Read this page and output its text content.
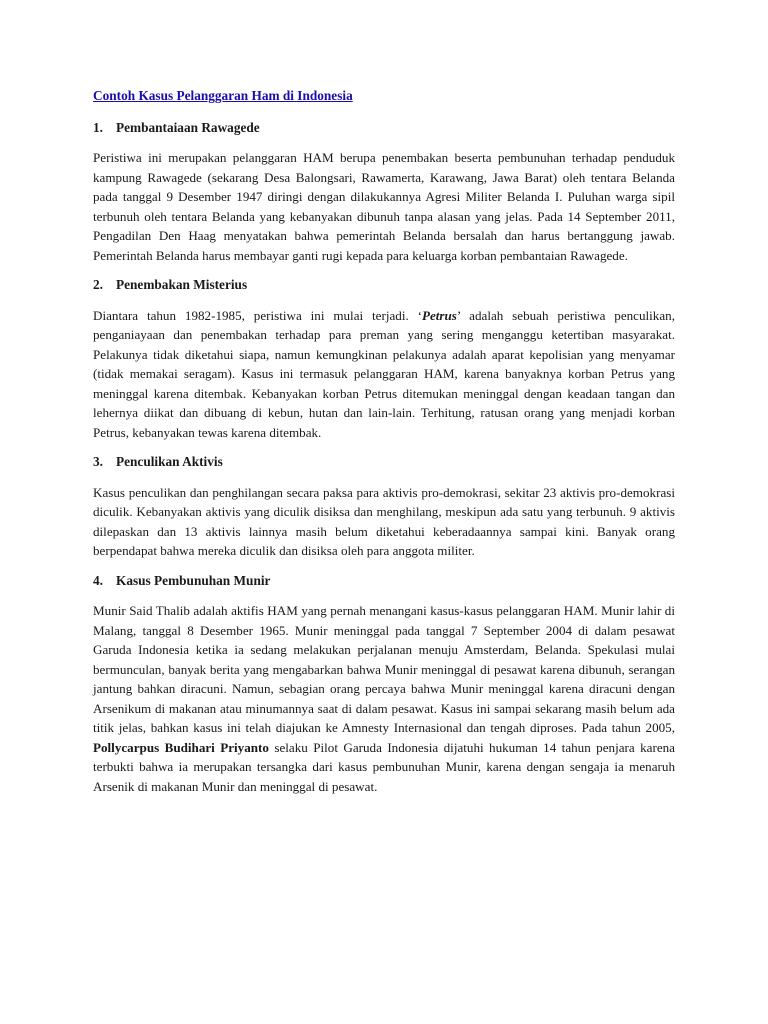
Contoh Kasus Pelanggaran Ham di Indonesia
1. Pembantaiaan Rawagede

Peristiwa ini merupakan pelanggaran HAM berupa penembakan beserta pembunuhan terhadap penduduk kampung Rawagede (sekarang Desa Balongsari, Rawamerta, Karawang, Jawa Barat) oleh tentara Belanda pada tanggal 9 Desember 1947 diringi dengan dilakukannya Agresi Militer Belanda I. Puluhan warga sipil terbunuh oleh tentara Belanda yang kebanyakan dibunuh tanpa alasan yang jelas. Pada 14 September 2011, Pengadilan Den Haag menyatakan bahwa pemerintah Belanda bersalah dan harus bertanggung jawab. Pemerintah Belanda harus membayar ganti rugi kepada para keluarga korban pembantaian Rawagede.

2. Penembakan Misterius

Diantara tahun 1982-1985, peristiwa ini mulai terjadi. ‘Petrus’ adalah sebuah peristiwa penculikan, penganiayaan dan penembakan terhadap para preman yang sering menganggu ketertiban masyarakat. Pelakunya tidak diketahui siapa, namun kemungkinan pelakunya adalah aparat kepolisian yang menyamar (tidak memakai seragam). Kasus ini termasuk pelanggaran HAM, karena banyaknya korban Petrus yang meninggal karena ditembak. Kebanyakan korban Petrus ditemukan meninggal dengan keadaan tangan dan lehernya diikat dan dibuang di kebun, hutan dan lain-lain. Terhitung, ratusan orang yang menjadi korban Petrus, kebanyakan tewas karena ditembak.

3. Penculikan Aktivis

Kasus penculikan dan penghilangan secara paksa para aktivis pro-demokrasi, sekitar 23 aktivis pro-demokrasi diculik. Kebanyakan aktivis yang diculik disiksa dan menghilang, meskipun ada satu yang terbunuh. 9 aktivis dilepaskan dan 13 aktivis lainnya masih belum diketahui keberadaannya sampai kini. Banyak orang berpendapat bahwa mereka diculik dan disiksa oleh para anggota militer.

4. Kasus Pembunuhan Munir

Munir Said Thalib adalah aktifis HAM yang pernah menangani kasus-kasus pelanggaran HAM. Munir lahir di Malang, tanggal 8 Desember 1965. Munir meninggal pada tanggal 7 September 2004 di dalam pesawat Garuda Indonesia ketika ia sedang melakukan perjalanan menuju Amsterdam, Belanda. Spekulasi mulai bermunculan, banyak berita yang mengabarkan bahwa Munir meninggal di pesawat karena dibunuh, serangan jantung bahkan diracuni. Namun, sebagian orang percaya bahwa Munir meninggal karena diracuni dengan Arsenikum di makanan atau minumannya saat di dalam pesawat. Kasus ini sampai sekarang masih belum ada titik jelas, bahkan kasus ini telah diajukan ke Amnesty Internasional dan tengah diproses. Pada tahun 2005, Pollycarpus Budihari Priyanto selaku Pilot Garuda Indonesia dijatuhi hukuman 14 tahun penjara karena terbukti bahwa ia merupakan tersangka dari kasus pembunuhan Munir, karena dengan sengaja ia menaruh Arsenik di makanan Munir dan meninggal di pesawat.
